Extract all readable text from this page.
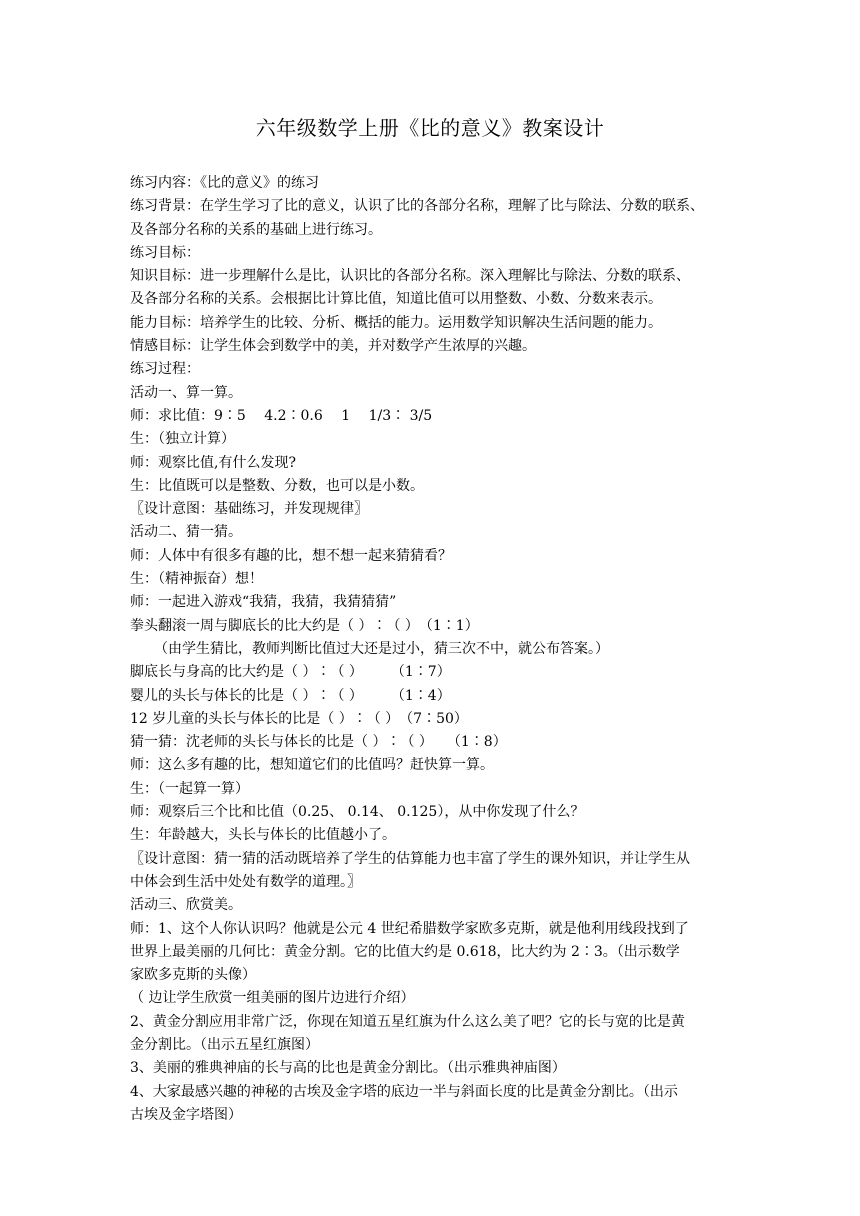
六年级数学上册《比的意义》教案设计
练习内容：《比的意义》的练习
练习背景：在学生学习了比的意义，认识了比的各部分名称，理解了比与除法、分数的联系、
及各部分名称的关系的基础上进行练习。
练习目标：
知识目标：进一步理解什么是比，认识比的各部分名称。深入理解比与除法、分数的联系、
及各部分名称的关系。会根据比计算比值，知道比值可以用整数、小数、分数来表示。
能力目标：培养学生的比较、分析、概括的能力。运用数学知识解决生活问题的能力。
情感目标：让学生体会到数学中的美，并对数学产生浓厚的兴趣。
练习过程：
活动一、算一算。
师：求比值：9∶5　 4.2∶0.6　 1　 1/3∶ 3/5
生：（独立计算）
师：观察比值,有什么发现?
生：比值既可以是整数、分数，也可以是小数。
〖设计意图：基础练习，并发现规律〗
活动二、猜一猜。
师：人体中有很多有趣的比，想不想一起来猜猜看？
生：（精神振奋）想！
师：一起进入游戏“我猜，我猜，我猜猜猜”
拳头翻滚一周与脚底长的比大约是（ ）∶（ ）　（1∶1）
（由学生猜比，教师判断比值过大还是过小，猜三次不中，就公布答案。）
脚底长与身高的比大约是（ ）∶（ ）　　　（1∶7）
婴儿的头长与体长的比是（ ）∶（ ）　　　（1∶4）
12 岁儿童的头长与体长的比是（ ）∶（ ）　（7∶50）
猜一猜：沈老师的头长与体长的比是（ ）∶（ ）　　（1∶8）
师：这么多有趣的比，想知道它们的比值吗？赶快算一算。
生：（一起算一算）
师：观察后三个比和比值（0.25、 0.14、 0.125），从中你发现了什么？
生：年龄越大，头长与体长的比值越小了。
〖设计意图：猜一猜的活动既培养了学生的估算能力也丰富了学生的课外知识，并让学生从
中体会到生活中处处有数学的道理。〗
活动三、欣赏美。
师：1、这个人你认识吗？他就是公元 4 世纪希腊数学家欧多克斯，就是他利用线段找到了
世界上最美丽的几何比：黄金分割。它的比值大约是 0.618，比大约为 2∶3。（出示数学
家欧多克斯的头像）
（ 边让学生欣赏一组美丽的图片边进行介绍）
2、黄金分割应用非常广泛，你现在知道五星红旗为什么这么美了吧？它的长与宽的比是黄
金分割比。（出示五星红旗图）
3、美丽的雅典神庙的长与高的比也是黄金分割比。（出示雅典神庙图）
4、大家最感兴趣的神秘的古埃及金字塔的底边一半与斜面长度的比是黄金分割比。（出示
古埃及金字塔图）
